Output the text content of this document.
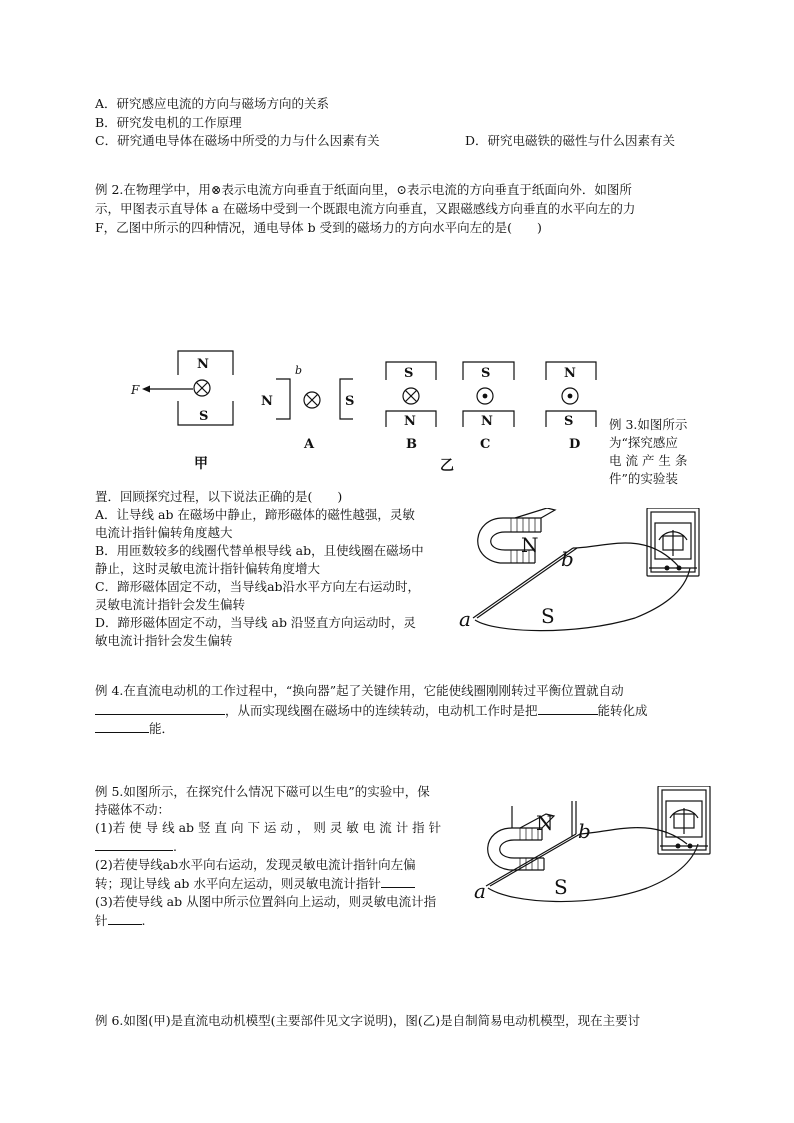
A．研究感应电流的方向与磁场方向的关系
B．研究发电机的工作原理
C．研究通电导体在磁场中所受的力与什么因素有关	D．研究电磁铁的磁性与什么因素有关
例 2.在物理学中，用⊗表示电流方向垂直于纸面向里，⊙表示电流的方向垂直于纸面向外．如图所
示，甲图表示直导体 a 在磁场中受到一个既跟电流方向垂直，又跟磁感线方向垂直的水平向左的力
F，乙图中所示的四种情况，通电导体 b 受到的磁场力的方向水平向左的是(　　)
N
S
N	S
S
N
S
N
N
S
A	B	C	D
甲	乙
F
b
例 3.如图所示
为“探究感应
电 流 产 生 条
件”的实验装
置．回顾探究过程，以下说法正确的是(　　)
A．让导线 ab 在磁场中静止，蹄形磁体的磁性越强，灵敏
电流计指针偏转角度越大
B．用匝数较多的线圈代替单根导线 ab，且使线圈在磁场中
静止，这时灵敏电流计指针偏转角度增大
C．蹄形磁体固定不动，当导线ab沿水平方向左右运动时，
灵敏电流计指针会发生偏转
D．蹄形磁体固定不动，当导线 ab 沿竖直方向运动时，灵
敏电流计指针会发生偏转
N
S
a
b
例 4.在直流电动机的工作过程中，“换向器”起了关键作用，它能使线圈刚刚转过平衡位置就自动
，从而实现线圈在磁场中的连续转动，电动机工作时是把	能转化成
能．
例 5.如图所示，在探究什么情况下磁可以生电”的实验中，保
持磁体不动：
(1)若 使 导 线 ab 竖 直 向 下 运 动 ， 则 灵 敏 电 流 计 指 针
.
(2)若使导线ab水平向右运动，发现灵敏电流计指针向左偏
转；现让导线 ab 水平向左运动，则灵敏电流计指针
(3)若使导线 ab 从图中所示位置斜向上运动，则灵敏电流计指
针	.
N
S
a
b
例 6.如图(甲)是直流电动机模型(主要部件见文字说明)，图(乙)是自制简易电动机模型，现在主要讨
